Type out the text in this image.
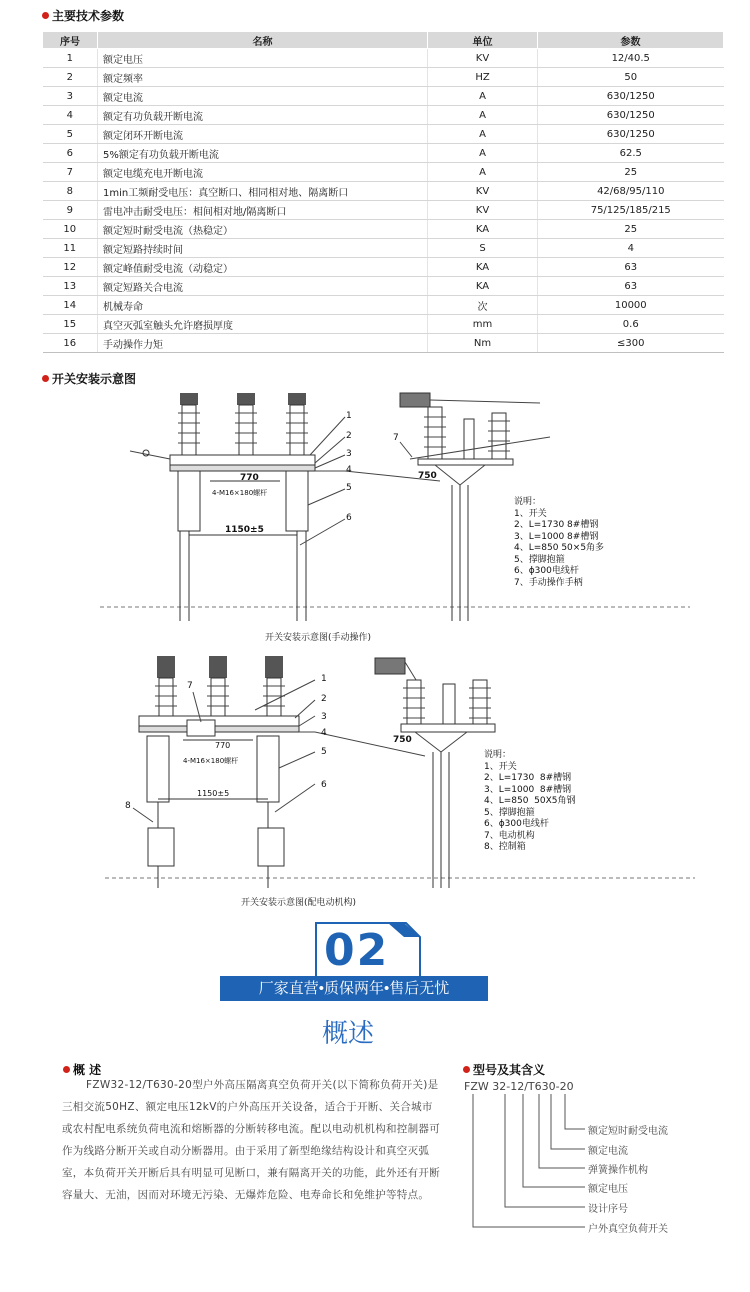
主要技术参数
序号	名称	单位	参数
1	额定电压	KV	12/40.5
2	额定频率	HZ	50
3	额定电流	A	630/1250
4	额定有功负载开断电流	A	630/1250
5	额定闭环开断电流	A	630/1250
6	5%额定有功负载开断电流	A	62.5
7	额定电缆充电开断电流	A	25
8	1min工频耐受电压：真空断口、相同相对地、隔离断口	KV	42/68/95/110
9	雷电冲击耐受电压：相间相对地/隔离断口	KV	75/125/185/215
10	额定短时耐受电流（热稳定）	KA	25
11	额定短路持续时间	S	4
12	额定峰值耐受电流（动稳定）	KA	63
13	额定短路关合电流	KA	63
14	机械寿命	次	10000
15	真空灭弧室触头允许磨损厚度	mm	0.6
16	手动操作力矩	Nm	≤300
开关安装示意图
770
4-M16×180螺杆
1150±5
1
2
3
4
5
6
7
750
说明：
1、开关
2、L=1730 8#槽钢
3、L=1000 8#槽钢
4、L=850 50×5角多
5、撑脚抱箍
6、ϕ300电线杆
7、手动操作手柄
开关安装示意图(手动操作)
770
4-M16×180螺杆
1150±5
1
2
3
4
5
6
7
8
750
说明：
1、开关
2、L=1730  8#槽钢
3、L=1000  8#槽钢
4、L=850  50X5角钢
5、撑脚抱箍
6、ϕ300电线杆
7、电动机构
8、控制箱
开关安装示意图(配电动机构)
02
厂家直营•质保两年•售后无忧
概述
概 述
FZW32-12/T630-20型户外高压隔离真空负荷开关(以下简称负荷开关)是三相交流50HZ、额定电压12kV的户外高压开关设备，适合于开断、关合城市或农村配电系统负荷电流和熔断器的分断转移电流。配以电动机机构和控制器可作为线路分断开关或自动分断器用。由于采用了新型绝缘结构设计和真空灭弧室，本负荷开关开断后具有明显可见断口，兼有隔离开关的功能，此外还有开断容量大、无油，因而对环境无污染、无爆炸危险、电寿命长和免维护等特点。
型号及其含义
FZW 32-12/T630-20
额定短时耐受电流
额定电流
弹簧操作机构
额定电压
设计序号
户外真空负荷开关
